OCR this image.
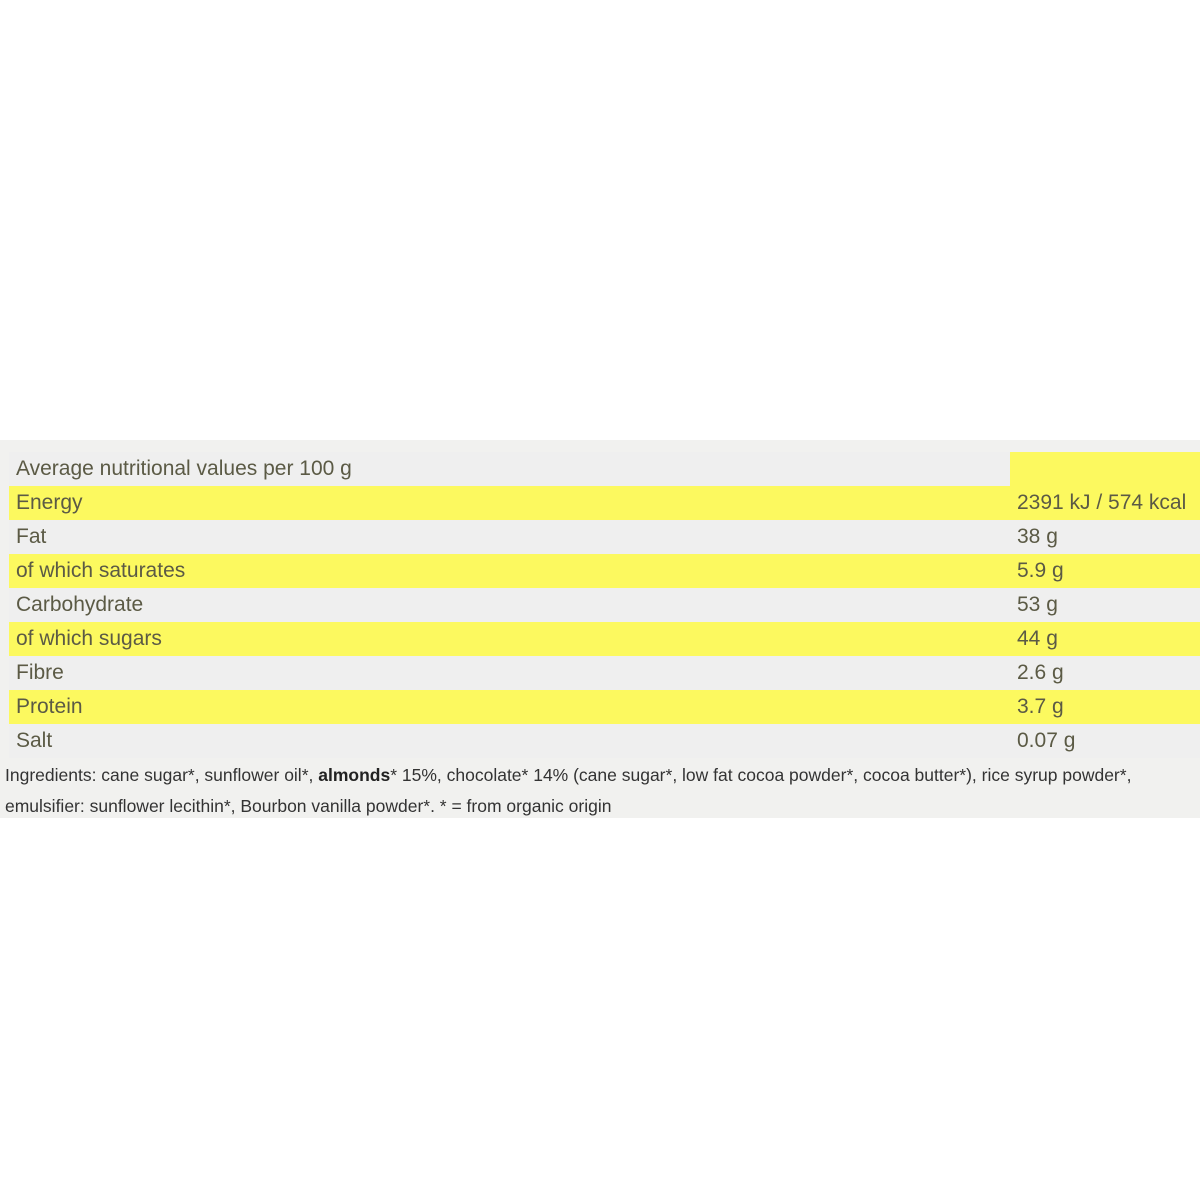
Average nutritional values per 100 g
Energy	2391 kJ / 574 kcal
Fat	38 g
of which saturates	5.9 g
Carbohydrate	53 g
of which sugars	44 g
Fibre	2.6 g
Protein	3.7 g
Salt	0.07 g
Ingredients: cane sugar*, sunflower oil*, almonds* 15%, chocolate* 14% (cane sugar*, low fat cocoa powder*, cocoa butter*), rice syrup powder*, emulsifier: sunflower lecithin*, Bourbon vanilla powder*. * = from organic origin
